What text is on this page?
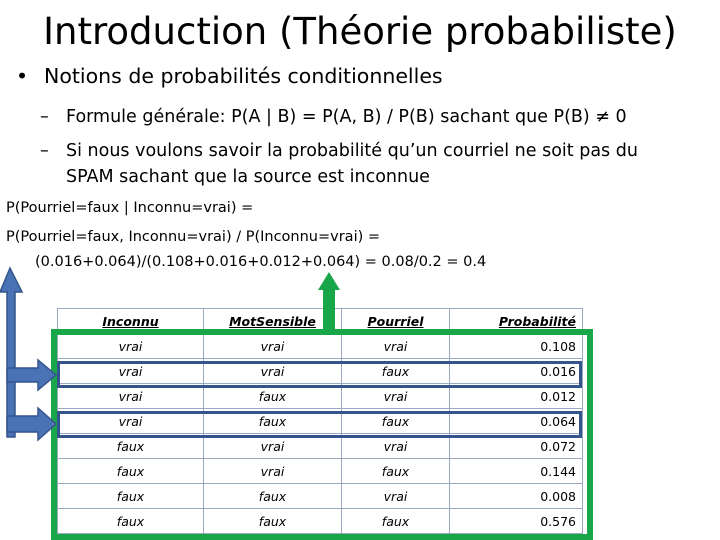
Introduction (Théorie probabiliste)
• Notions de probabilités conditionnelles
– Formule générale: P(A | B) = P(A, B) / P(B) sachant que P(B) ≠ 0
– Si nous voulons savoir la probabilité qu’un courriel ne soit pas du
SPAM sachant que la source est inconnue
P(Pourriel=faux | Inconnu=vrai) =
P(Pourriel=faux, Inconnu=vrai) / P(Inconnu=vrai) =
(0.016+0.064)/(0.108+0.016+0.012+0.064) = 0.08/0.2 = 0.4
Inconnu	MotSensible	Pourriel	Probabilité
vrai	vrai	vrai	0.108
vrai	vrai	faux	0.016
vrai	faux	vrai	0.012
vrai	faux	faux	0.064
faux	vrai	vrai	0.072
faux	vrai	faux	0.144
faux	faux	vrai	0.008
faux	faux	faux	0.576
